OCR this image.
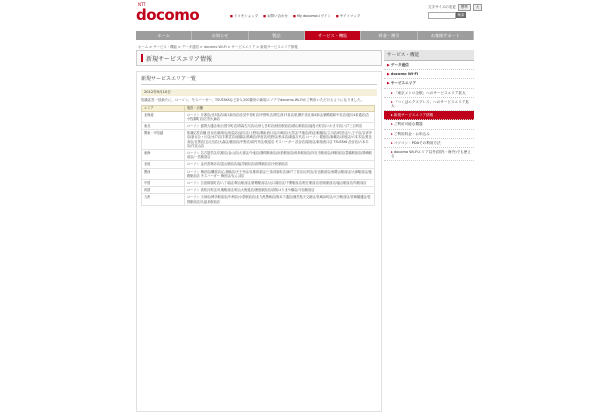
NTT
docomo	■ ドコモショップ	■ お問い合わせ	■ My docomoログイン	■ サイトマップ
文字サイズの変更	標準	大
検索
ホーム	お知らせ	製品	サービス・機能	料金・割引	お客様サポート
ホーム > サービス・機能 > データ通信 > docomo Wi-Fi > サービスエリア > 新規サービスエリア情報
新規サービスエリア情報
新規サービスエリア一覧
2012年9月10日
知識応答一括新たに、ローソン、モスバーガー、TSUTAYAなど計1,200箇所の新規エリアでdocomo Wi-Fiがご利用いただけるようになりました。
エリア	施設・店舗
北海道	ローソン 月寒店/北3条店/南1条西店/北見中央町店/中野町店/帯広西17条店/札幌中央区南4条店/釧路昭和中央店/旭川4条通店/苫小牧錦町店/江別大麻店
東北	ローソン 盛岡大通店/仙台国分町店/青森古川店/山形七日町店/秋田駅前店/郡山駅前店/福島大町店/いわき平店/八戸三日町店
関東・甲信越	知識応答店舗 渋谷店/新宿店/池袋店/品川店/上野店/横浜西口店/川崎店/大宮店/千葉店/柏店/船橋店/立川店/町田店/八王子店/吉祥寺店/新百合ヶ丘店/水戸店/宇都宮店/前橋店/高崎店/甲府店/長野店/松本店/新潟万代店 ローソン 銀座店/新橋店/赤坂店/六本木店/恵比寿店/目黒店/五反田店/大森店/蒲田店/中野店/高円寺店/荻窪店 モスバーガー 渋谷店/原宿店/新宿西口店 TSUTAYA 渋谷店/六本木店/代官山店
東海	ローソン 名古屋栄店/名駅店/金山店/大須店/今池店/静岡駅南店/浜松駅前店/岐阜駅前店/四日市駅前店/津駅前店/豊橋駅前店/岡崎駅前店/一宮駅前店
北陸	ローソン 金沢香林坊店/富山駅前店/福井駅前店/高岡駅前店/小松駅前店
関西	ローソン 梅田店/難波店/心斎橋店/天王寺店/京都四条店/三条河原町店/神戸三宮店/元町店/奈良駅前店/和歌山駅前店/大津駅前店/姫路駅前店 モスバーガー 梅田店/なんば店
中国	ローソン 広島紙屋町店/八丁堀店/岡山駅前店/倉敷駅前店/山口湯田店/下関駅前店/松江駅前店/鳥取駅前店/福山駅前店/呉駅前店
四国	ローソン 高松瓦町店/丸亀駅前店/松山大街道店/徳島駅前店/高知はりまや橋店/今治駅前店
九州	ローソン 天神店/博多駅前店/中洲店/小倉駅前店/北九州黒崎店/熊本下通店/鹿児島天文館店/長崎浜町店/大分駅前店/宮崎橘通店/佐賀駅前店/久留米駅前店
サービス・機能
▶データ通信
▶docomo Wi-Fi
▶サービスエリア
▸「東京メトロ全駅」へのサービスエリア拡大
▸「つくばエクスプレス」へのサービスエリア拡大
▸新規サービスエリア情報
▸ご利用可能な機器
▸ご利用料金・お申込み
▸パソコン・PDAでの利用方法
▸docomo Wi-Fiエリア以外(国内・海外)でも使える
